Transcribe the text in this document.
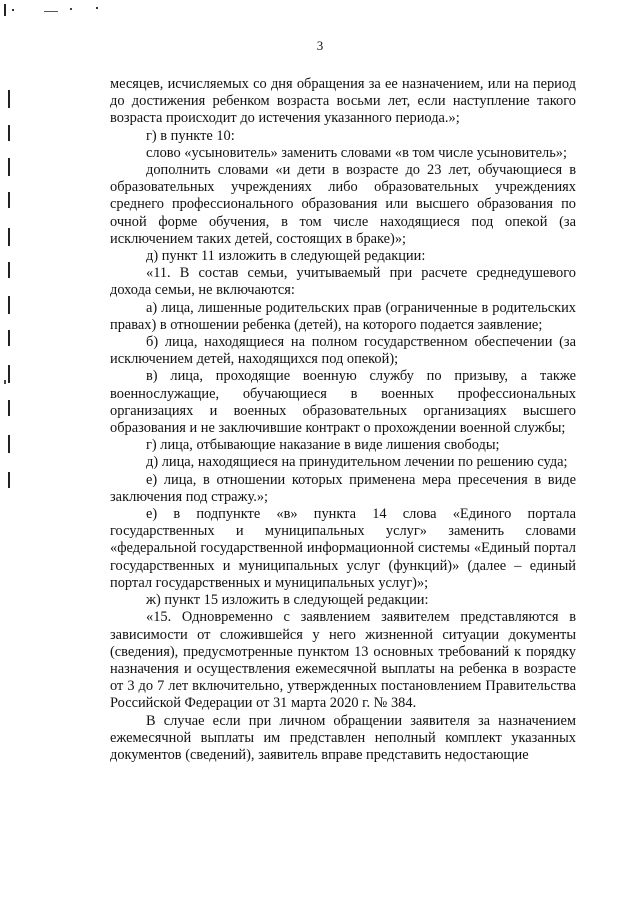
3

месяцев, исчисляемых со дня обращения за ее назначением, или на период до достижения ребенком возраста восьми лет, если наступление такого возраста происходит до истечения указанного периода.»;

г) в пункте 10:

слово «усыновитель» заменить словами «в том числе усыновитель»;

дополнить словами «и дети в возрасте до 23 лет, обучающиеся в образовательных учреждениях либо образовательных учреждениях среднего профессионального образования или высшего образования по очной форме обучения, в том числе находящиеся под опекой (за исключением таких детей, состоящих в браке)»;

д) пункт 11 изложить в следующей редакции:

«11. В состав семьи, учитываемый при расчете среднедушевого дохода семьи, не включаются:

а) лица, лишенные родительских прав (ограниченные в родительских правах) в отношении ребенка (детей), на которого подается заявление;

б) лица, находящиеся на полном государственном обеспечении (за исключением детей, находящихся под опекой);

в) лица, проходящие военную службу по призыву, а также военнослужащие, обучающиеся в военных профессиональных организациях и военных образовательных организациях высшего образования и не заключившие контракт о прохождении военной службы;

г) лица, отбывающие наказание в виде лишения свободы;

д) лица, находящиеся на принудительном лечении по решению суда;

е) лица, в отношении которых применена мера пресечения в виде заключения под стражу.»;

е) в подпункте «в» пункта 14 слова «Единого портала государственных и муниципальных услуг» заменить словами «федеральной государственной информационной системы «Единый портал государственных и муниципальных услуг (функций)» (далее – единый портал государственных и муниципальных услуг)»;

ж) пункт 15 изложить в следующей редакции:

«15. Одновременно с заявлением заявителем представляются в зависимости от сложившейся у него жизненной ситуации документы (сведения), предусмотренные пунктом 13 основных требований к порядку назначения и осуществления ежемесячной выплаты на ребенка в возрасте от 3 до 7 лет включительно, утвержденных постановлением Правительства Российской Федерации от 31 марта 2020 г. № 384.

В случае если при личном обращении заявителя за назначением ежемесячной выплаты им представлен неполный комплект указанных документов (сведений), заявитель вправе представить недостающие
